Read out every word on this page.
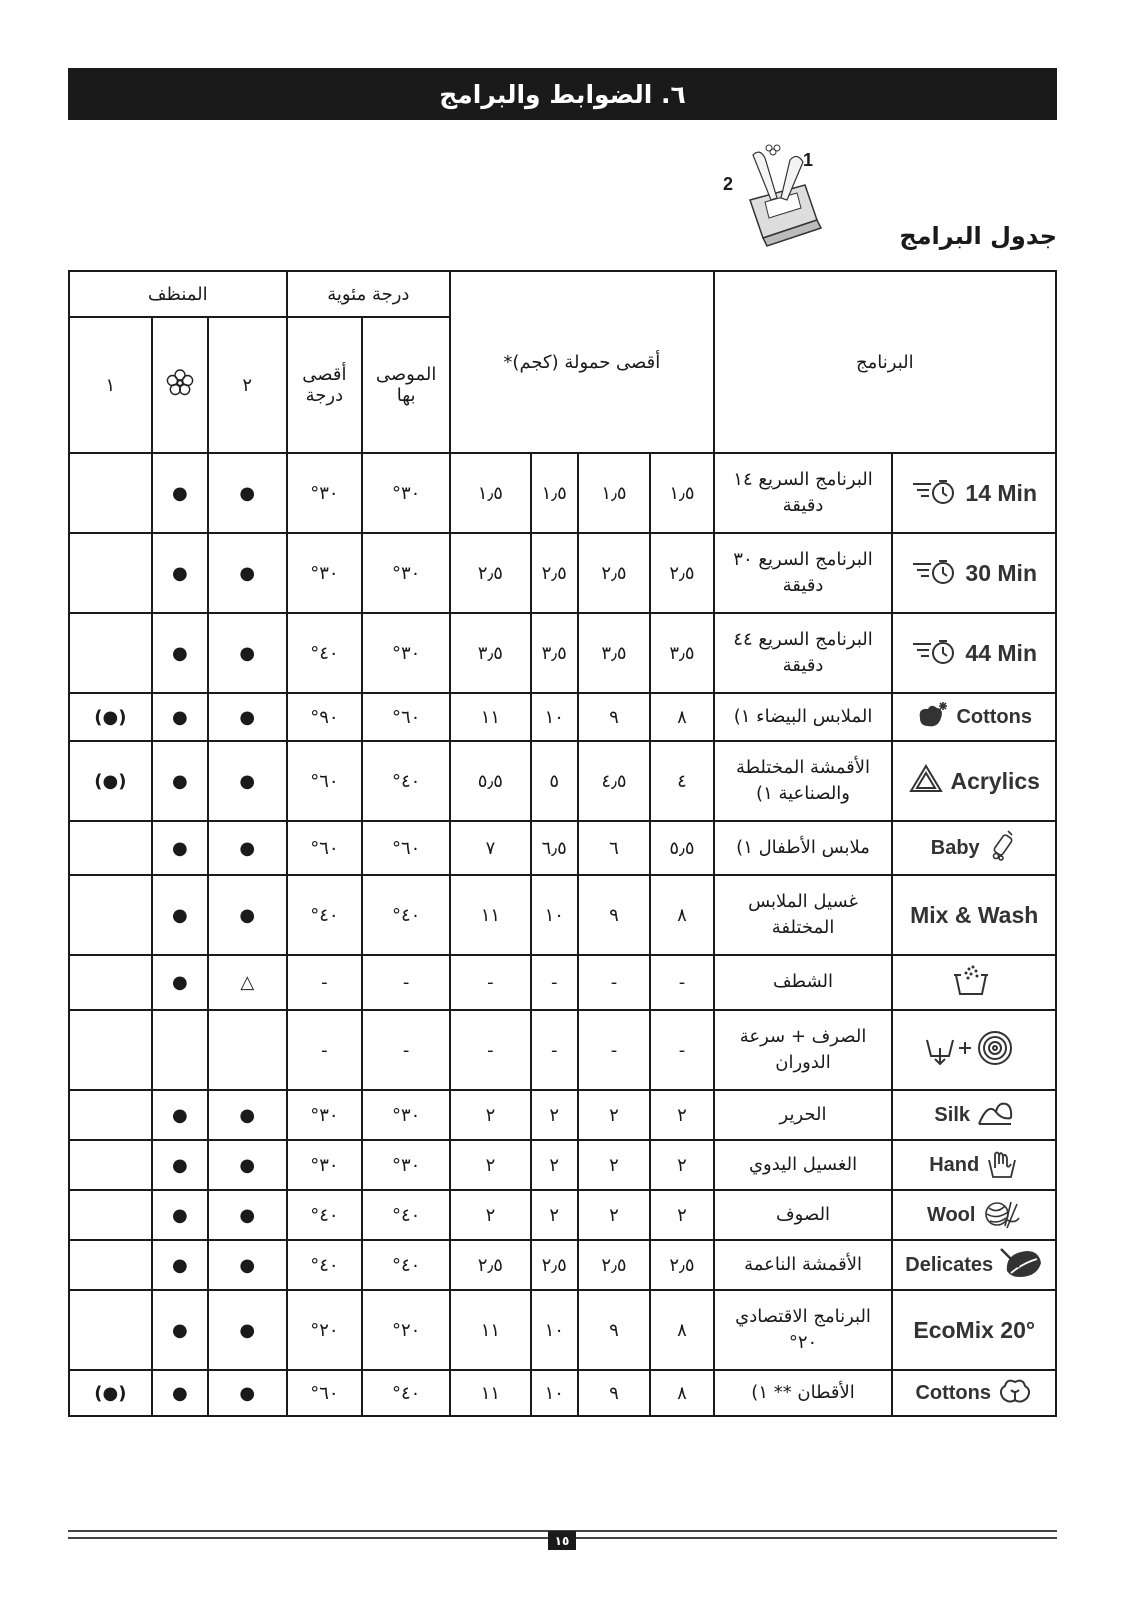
٦. الضوابط والبرامج
1
2
جدول البرامج
المنظف			درجة مئوية		أقصى حمولة (كجم)*				البرنامج	
١		٢	أقصى درجة	الموصى بها						

	●	●	°٣٠	°٣٠	١٫٥	١٫٥	١٫٥	١٫٥	البرنامج السريع ١٤ دقيقة	14 Min

	●	●	°٣٠	°٣٠	٢٫٥	٢٫٥	٢٫٥	٢٫٥	البرنامج السريع ٣٠ دقيقة	30 Min

	●	●	°٤٠	°٣٠	٣٫٥	٣٫٥	٣٫٥	٣٫٥	البرنامج السريع ٤٤ دقيقة	44 Min

(●)	●	●	°٩٠	°٦٠	١١	١٠	٩	٨	الملابس البيضاء ١)	Cottons

(●)	●	●	°٦٠	°٤٠	٥٫٥	٥	٤٫٥	٤	الأقمشة المختلطة والصناعية ١)	Acrylics

	●	●	°٦٠	°٦٠	٧	٦٫٥	٦	٥٫٥	ملابس الأطفال ١)	Baby

	●	●	°٤٠	°٤٠	١١	١٠	٩	٨	غسيل الملابس المختلفة	Mix & Wash

	●	△	-	-	-	-	-	-	الشطف

			-	-	-	-	-	-	الصرف + سرعة الدوران

	●	●	°٣٠	°٣٠	٢	٢	٢	٢	الحرير	Silk

	●	●	°٣٠	°٣٠	٢	٢	٢	٢	الغسيل اليدوي	Hand

	●	●	°٤٠	°٤٠	٢	٢	٢	٢	الصوف	Wool

	●	●	°٤٠	°٤٠	٢٫٥	٢٫٥	٢٫٥	٢٫٥	الأقمشة الناعمة	Delicates

	●	●	°٢٠	°٢٠	١١	١٠	٩	٨	البرنامج الاقتصادي ٢٠°	EcoMix 20°

(●)	●	●	°٦٠	°٤٠	١١	١٠	٩	٨	الأقطان ** ١)	Cottons
١٥
